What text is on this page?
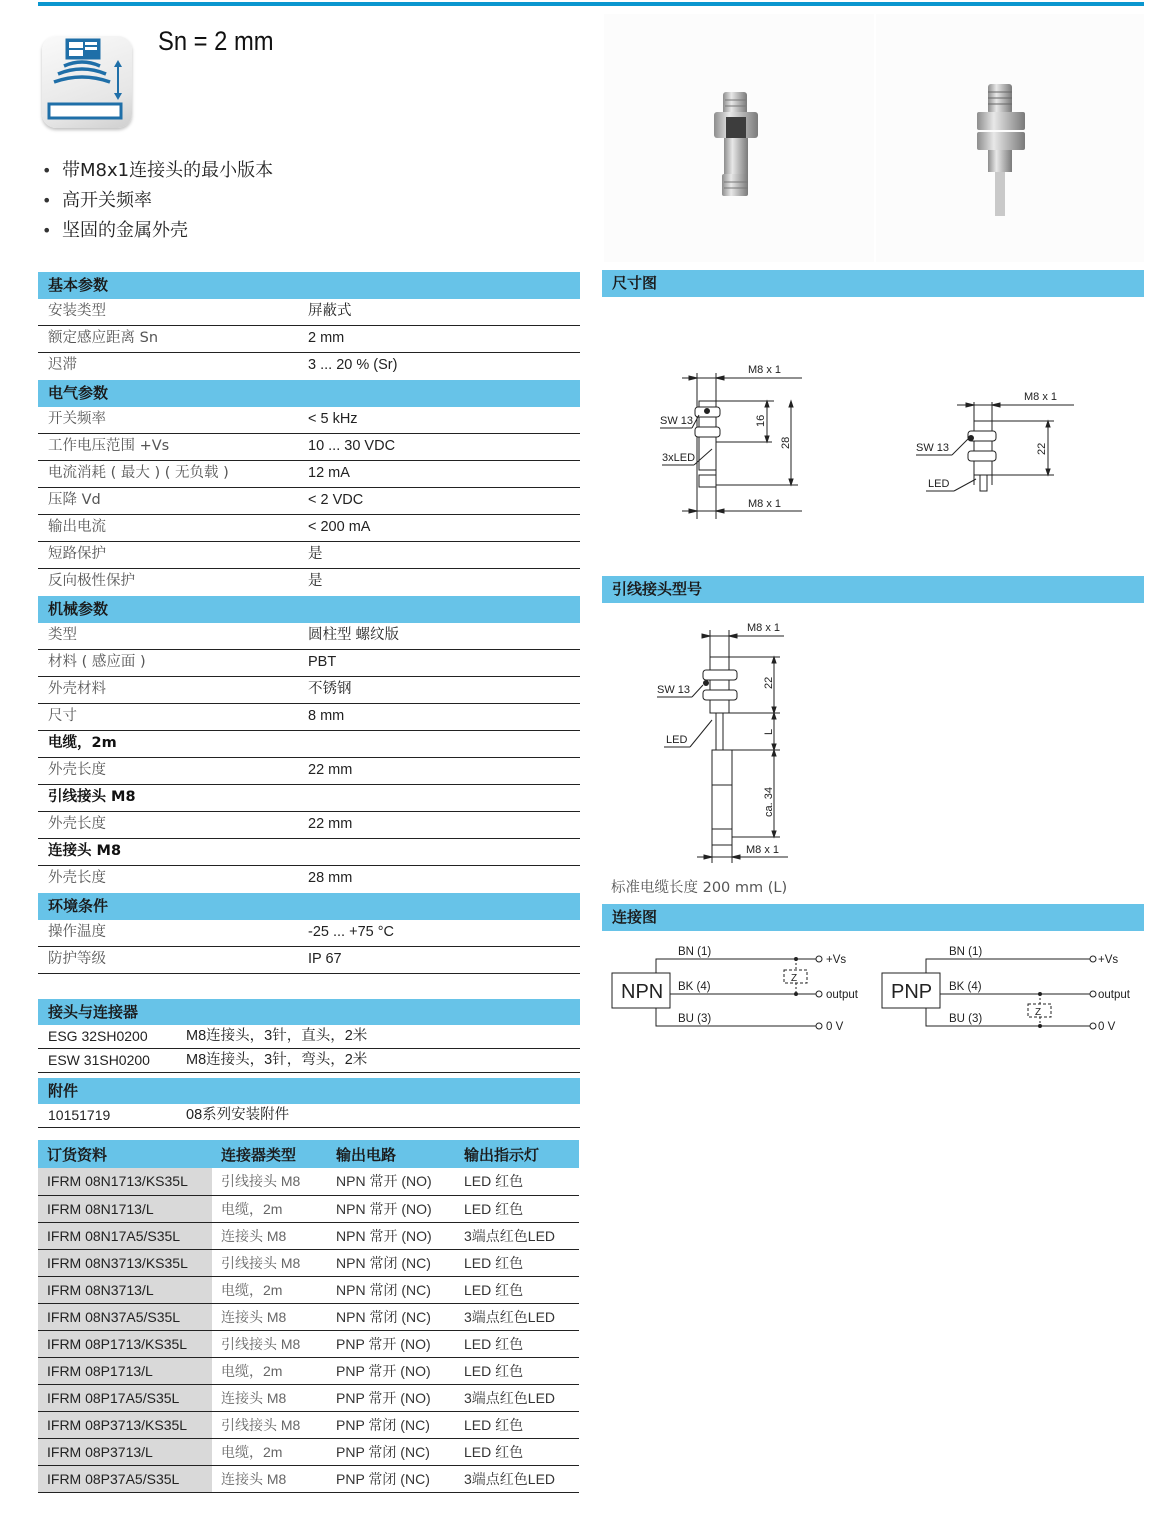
Sn = 2 mm
• 带M8x1连接头的最小版本
• 高开关频率
• 坚固的金属外壳
基本参数
安装类型	屏蔽式
额定感应距离 Sn	2 mm
迟滞	3 ... 20 % (Sr)
电气参数
开关频率	< 5 kHz
工作电压范围 +Vs	10 ... 30 VDC
电流消耗 ( 最大 ) ( 无负载 )	12 mA
压降 Vd	< 2 VDC
输出电流	< 200 mA
短路保护	是
反向极性保护	是
机械参数
类型	圆柱型 螺纹版
材料 ( 感应面 )	PBT
外壳材料	不锈钢
尺寸	8 mm
电缆，2m
外壳长度	22 mm
引线接头 M8
外壳长度	22 mm
连接头 M8
外壳长度	28 mm
环境条件
操作温度	-25 ... +75 °C
防护等级	IP 67
接头与连接器
ESG 32SH0200	M8连接头，3针，直头，2米
ESW 31SH0200	M8连接头，3针，弯头，2米
附件
10151719	08系列安装附件
订货资料	连接器类型	输出电路	输出指示灯
IFRM 08N1713/KS35L	引线接头 M8	NPN 常开 (NO)	LED 红色
IFRM 08N1713/L	电缆，2m	NPN 常开 (NO)	LED 红色
IFRM 08N17A5/S35L	连接头 M8	NPN 常开 (NO)	3端点红色LED
IFRM 08N3713/KS35L	引线接头 M8	NPN 常闭 (NC)	LED 红色
IFRM 08N3713/L	电缆，2m	NPN 常闭 (NC)	LED 红色
IFRM 08N37A5/S35L	连接头 M8	NPN 常闭 (NC)	3端点红色LED
IFRM 08P1713/KS35L	引线接头 M8	PNP 常开 (NO)	LED 红色
IFRM 08P1713/L	电缆，2m	PNP 常开 (NO)	LED 红色
IFRM 08P17A5/S35L	连接头 M8	PNP 常开 (NO)	3端点红色LED
IFRM 08P3713/KS35L	引线接头 M8	PNP 常闭 (NC)	LED 红色
IFRM 08P3713/L	电缆，2m	PNP 常闭 (NC)	LED 红色
IFRM 08P37A5/S35L	连接头 M8	PNP 常闭 (NC)	3端点红色LED
尺寸图
M8 x 1
SW 13
3xLED
M8 x 1
16
28
M8 x 1
SW 13
LED
22
引线接头型号
M8 x 1
SW 13
LED
M8 x 1
22
L
ca. 34
标准电缆长度 200 mm (L)
连接图
NPN
BN (1)
BK (4)
BU (3)
+Vs
output
0 V
Z
PNP
BN (1)
BK (4)
BU (3)
+Vs
output
0 V
Z
